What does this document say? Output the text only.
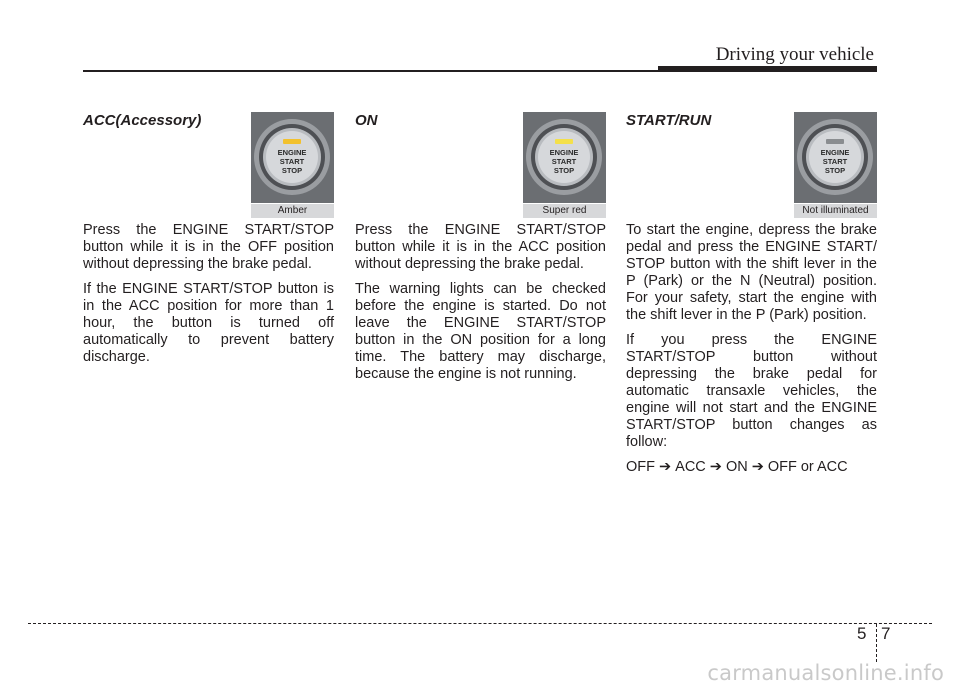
Driving your vehicle
ACC(Accessory)
ENGINE
START
STOP
Amber

Press the ENGINE START/STOP button while it is in the OFF position without depressing the brake pedal.

If the ENGINE START/STOP button is in the ACC position for more than 1 hour, the button is turned off automatically to prevent battery discharge.

ON
ENGINE
START
STOP
Super red

Press the ENGINE START/STOP button while it is in the ACC position without depressing the brake pedal.

The warning lights can be checked before the engine is started. Do not leave the ENGINE START/STOP button in the ON position for a long time. The battery may discharge, because the engine is not running.

START/RUN
ENGINE
START
STOP
Not illuminated

To start the engine, depress the brake pedal and press the ENGINE START/ STOP button with the shift lever in the P (Park) or the N (Neutral) position. For your safety, start the engine with the shift lever in the P (Park) position.

If you press the ENGINE START/STOP button without depressing the brake pedal for automatic transaxle vehicles, the engine will not start and the ENGINE START/STOP button changes as follow:

OFF ➔ ACC ➔ ON ➔ OFF or ACC

5 7
carmanualsonline.info
